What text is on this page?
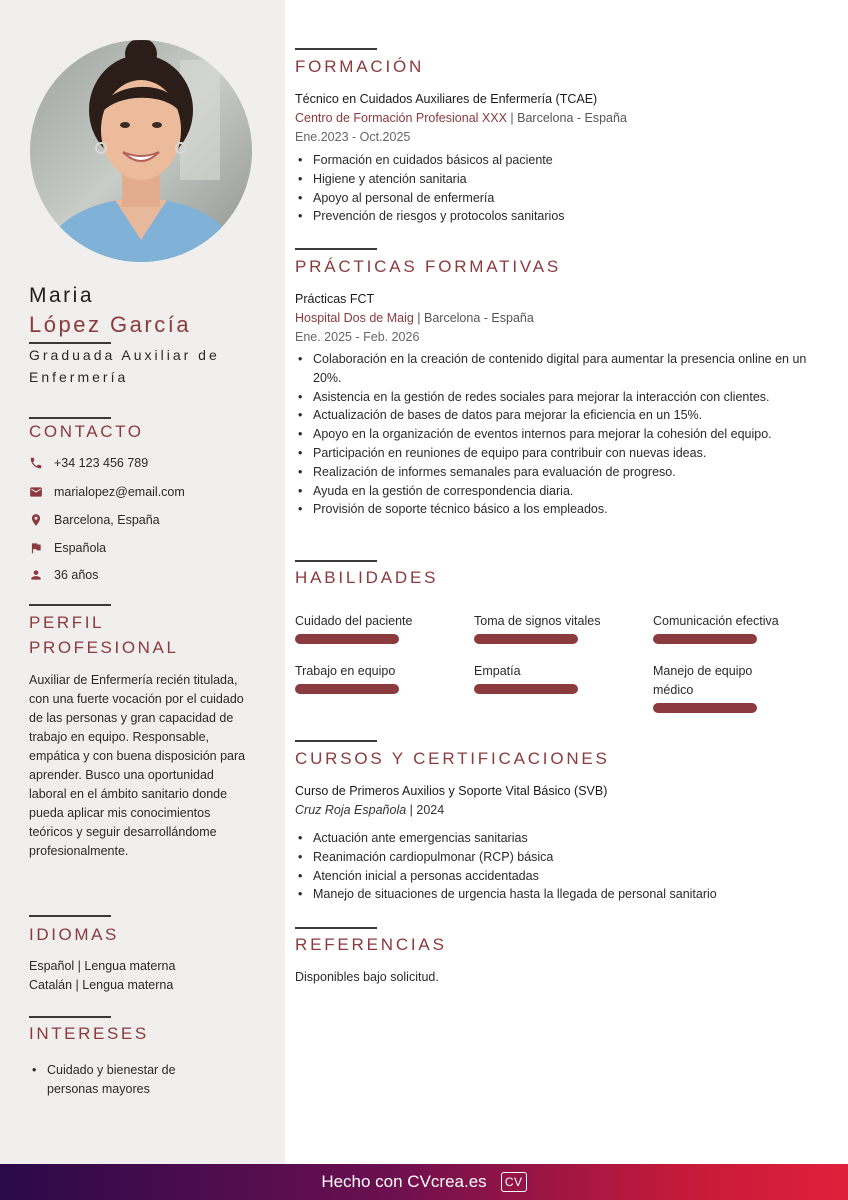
Maria
López García
Graduada Auxiliar de Enfermería
CONTACTO
+34 123 456 789
marialopez@email.com
Barcelona, España
Española
36 años
PERFIL PROFESIONAL
Auxiliar de Enfermería recién titulada, con una fuerte vocación por el cuidado de las personas y gran capacidad de trabajo en equipo. Responsable, empática y con buena disposición para aprender. Busco una oportunidad laboral en el ámbito sanitario donde pueda aplicar mis conocimientos teóricos y seguir desarrollándome profesionalmente.
IDIOMAS
Español | Lengua materna
Catalán | Lengua materna
INTERESES
• Cuidado y bienestar de personas mayores
FORMACIÓN
Técnico en Cuidados Auxiliares de Enfermería (TCAE)
Centro de Formación Profesional XXX | Barcelona - España
Ene.2023 - Oct.2025
• Formación en cuidados básicos al paciente
• Higiene y atención sanitaria
• Apoyo al personal de enfermería
• Prevención de riesgos y protocolos sanitarios
PRÁCTICAS FORMATIVAS
Prácticas FCT
Hospital Dos de Maig | Barcelona - España
Ene. 2025 - Feb. 2026
• Colaboración en la creación de contenido digital para aumentar la presencia online en un 20%.
• Asistencia en la gestión de redes sociales para mejorar la interacción con clientes.
• Actualización de bases de datos para mejorar la eficiencia en un 15%.
• Apoyo en la organización de eventos internos para mejorar la cohesión del equipo.
• Participación en reuniones de equipo para contribuir con nuevas ideas.
• Realización de informes semanales para evaluación de progreso.
• Ayuda en la gestión de correspondencia diaria.
• Provisión de soporte técnico básico a los empleados.
HABILIDADES
Cuidado del paciente	Toma de signos vitales	Comunicación efectiva
Trabajo en equipo	Empatía	Manejo de equipo médico
CURSOS Y CERTIFICACIONES
Curso de Primeros Auxilios y Soporte Vital Básico (SVB)
Cruz Roja Española | 2024
• Actuación ante emergencias sanitarias
• Reanimación cardiopulmonar (RCP) básica
• Atención inicial a personas accidentadas
• Manejo de situaciones de urgencia hasta la llegada de personal sanitario
REFERENCIAS
Disponibles bajo solicitud.
Hecho con CVcrea.es	CV
